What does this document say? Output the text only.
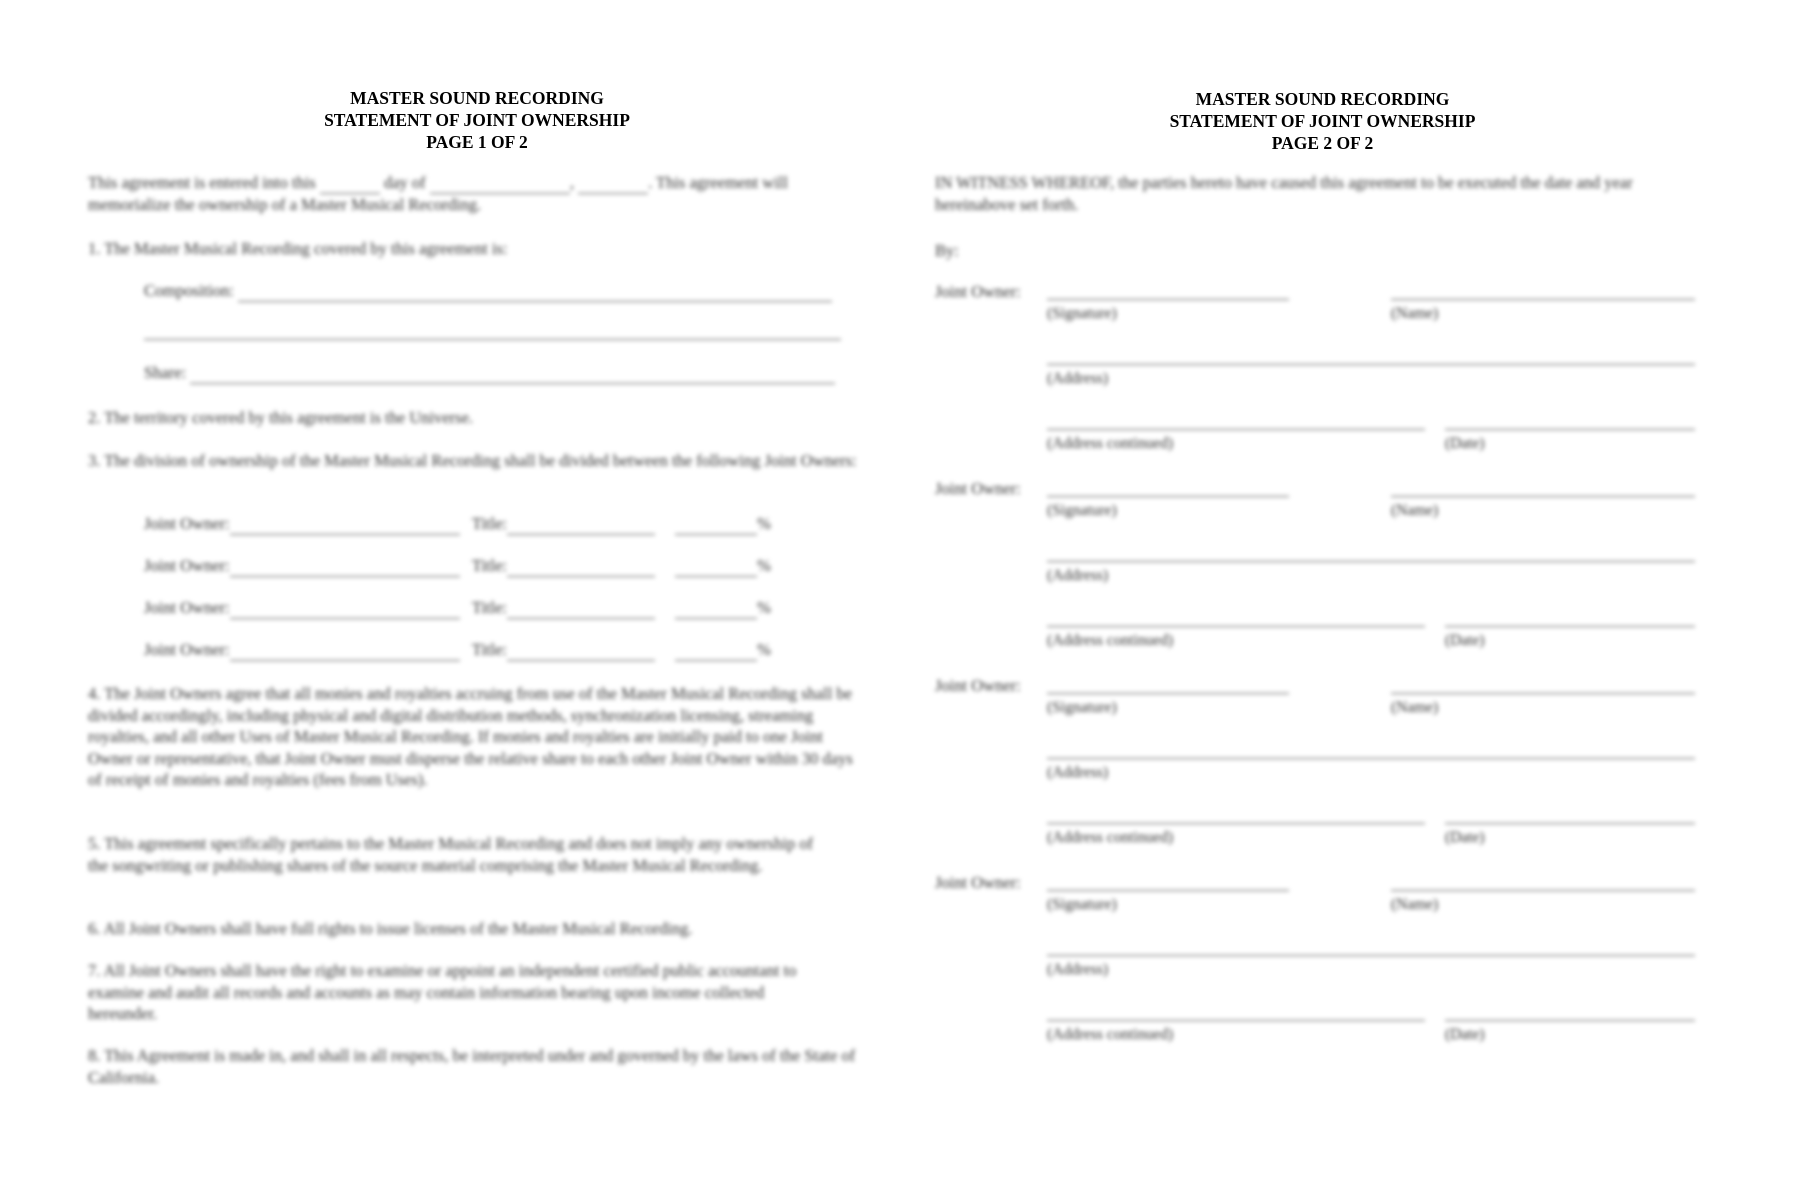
MASTER SOUND RECORDING
STATEMENT OF JOINT OWNERSHIP
PAGE 1 OF 2
This agreement is entered into this	day of	,	. This agreement will memorialize the ownership of a Master Musical Recording.
1. The Master Musical Recording covered by this agreement is:
Composition:
Share:
2. The territory covered by this agreement is the Universe.
3. The division of ownership of the Master Musical Recording shall be divided between the following Joint Owners:
Joint Owner:	Title:	%
Joint Owner:	Title:	%
Joint Owner:	Title:	%
Joint Owner:	Title:	%
4. The Joint Owners agree that all monies and royalties accruing from use of the Master Musical Recording shall be divided accordingly, including physical and digital distribution methods, synchronization licensing, streaming royalties, and all other Uses of Master Musical Recording. If monies and royalties are initially paid to one Joint Owner or representative, that Joint Owner must disperse the relative share to each other Joint Owner within 30 days of receipt of monies and royalties (fees from Uses).
5. This agreement specifically pertains to the Master Musical Recording and does not imply any ownership of the songwriting or publishing shares of the source material comprising the Master Musical Recording.
6. All Joint Owners shall have full rights to issue licenses of the Master Musical Recording.
7. All Joint Owners shall have the right to examine or appoint an independent certified public accountant to examine and audit all records and accounts as may contain information bearing upon income collected hereunder.
8. This Agreement is made in, and shall in all respects, be interpreted under and governed by the laws of the State of California.
MASTER SOUND RECORDING
STATEMENT OF JOINT OWNERSHIP
PAGE 2 OF 2
IN WITNESS WHEREOF, the parties hereto have caused this agreement to be executed the date and year hereinabove set forth.
By:
Joint Owner:
(Signature)	(Name)
(Address)
(Address continued)	(Date)
Joint Owner:
(Signature)	(Name)
(Address)
(Address continued)	(Date)
Joint Owner:
(Signature)	(Name)
(Address)
(Address continued)	(Date)
Joint Owner:
(Signature)	(Name)
(Address)
(Address continued)	(Date)
